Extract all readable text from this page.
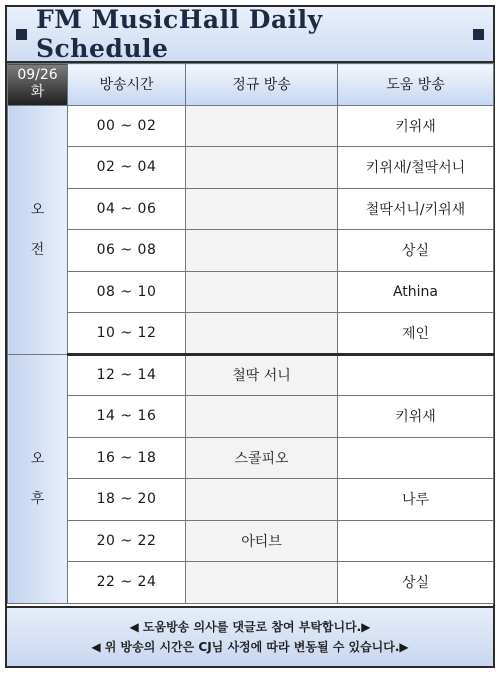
FM MusicHall Daily Schedule
09/26
화	방송시간	정규 방송	도움 방송

오
전	00 ~ 02		키위새
	02 ~ 04		키위새/철딱서니
	04 ~ 06		철딱서니/키위새
	06 ~ 08		상실
	08 ~ 10		Athina
	10 ~ 12		제인

오
후	12 ~ 14	철딱 서니	
	14 ~ 16		키위새
	16 ~ 18	스콜피오	
	18 ~ 20		나루
	20 ~ 22	아티브	
	22 ~ 24		상실
◀ 도움방송 의사를 댓글로 참여 부탁합니다.▶
◀ 위 방송의 시간은 CJ님 사정에 따라 변동될 수 있습니다.▶
